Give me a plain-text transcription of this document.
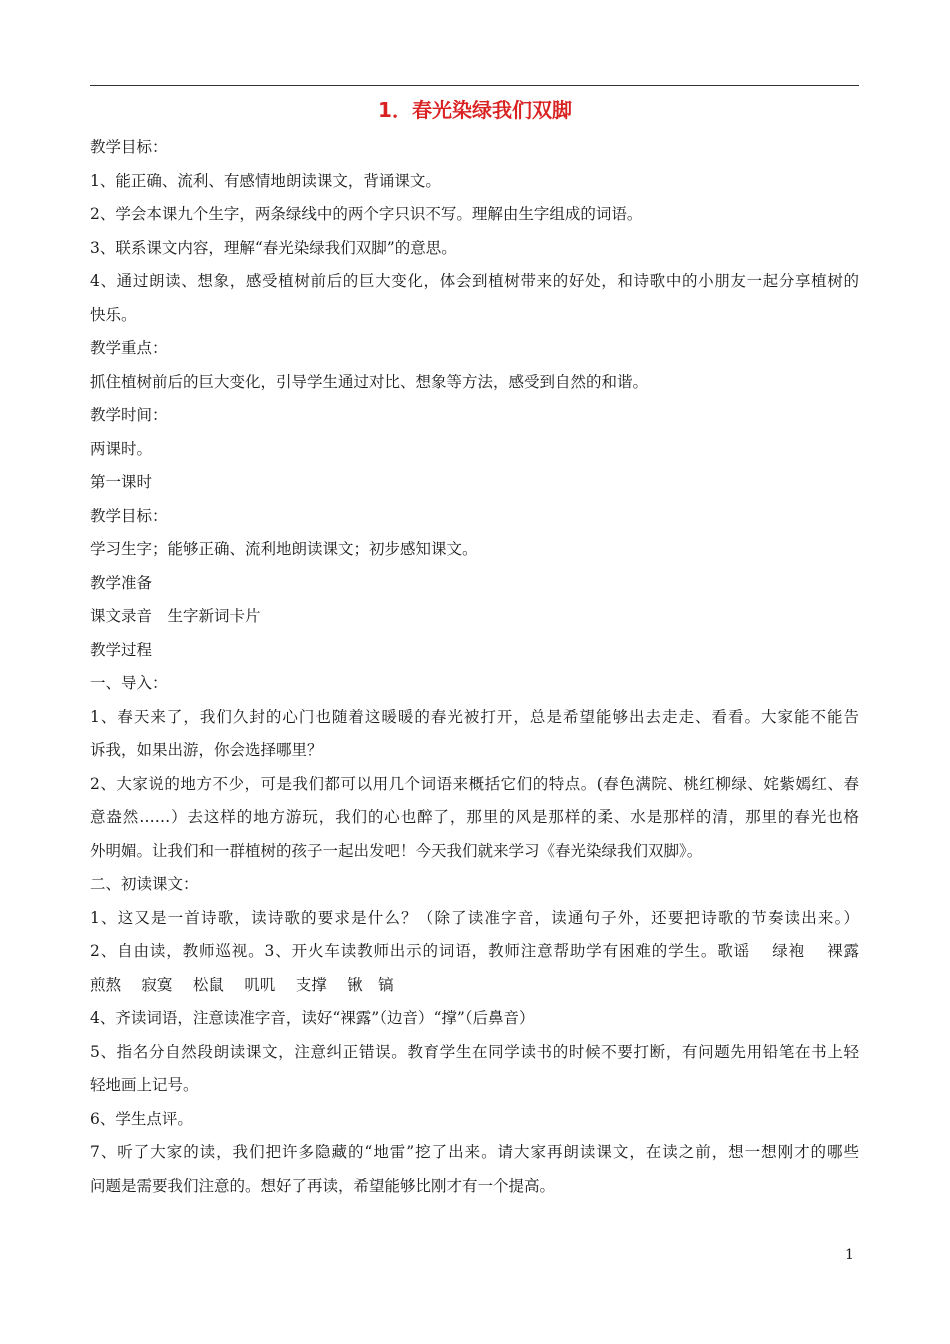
1．春光染绿我们双脚

教学目标：

1、能正确、流利、有感情地朗读课文，背诵课文。

2、学会本课九个生字，两条绿线中的两个字只识不写。理解由生字组成的词语。

3、联系课文内容，理解“春光染绿我们双脚”的意思。

4、通过朗读、想象，感受植树前后的巨大变化，体会到植树带来的好处，和诗歌中的小朋友一起分享植树的

快乐。

教学重点：

抓住植树前后的巨大变化，引导学生通过对比、想象等方法，感受到自然的和谐。

教学时间：

两课时。

第一课时

教学目标：

学习生字；能够正确、流利地朗读课文；初步感知课文。

教学准备

课文录音　生字新词卡片

教学过程

一、导入：

1、春天来了，我们久封的心门也随着这暖暖的春光被打开，总是希望能够出去走走、看看。大家能不能告

诉我，如果出游，你会选择哪里？

2、大家说的地方不少，可是我们都可以用几个词语来概括它们的特点。(春色满院、桃红柳绿、姹紫嫣红、春

意盎然……）去这样的地方游玩，我们的心也醉了，那里的风是那样的柔、水是那样的清，那里的春光也格

外明媚。让我们和一群植树的孩子一起出发吧！今天我们就来学习《春光染绿我们双脚》。

二、初读课文：

1、这又是一首诗歌，读诗歌的要求是什么？（除了读准字音，读通句子外，还要把诗歌的节奏读出来。）

2、自由读，教师巡视。3、开火车读教师出示的词语，教师注意帮助学有困难的学生。歌谣　 绿袍 　裸露

煎熬　 寂寞　 松鼠　 叽叽　 支撑　 锹　镐

4、齐读词语，注意读准字音，读好“裸露”（边音）“撑”（后鼻音）

5、指名分自然段朗读课文，注意纠正错误。教育学生在同学读书的时候不要打断，有问题先用铅笔在书上轻

轻地画上记号。

6、学生点评。

7、听了大家的读，我们把许多隐藏的“地雷”挖了出来。请大家再朗读课文，在读之前，想一想刚才的哪些

问题是需要我们注意的。想好了再读，希望能够比刚才有一个提高。

1
